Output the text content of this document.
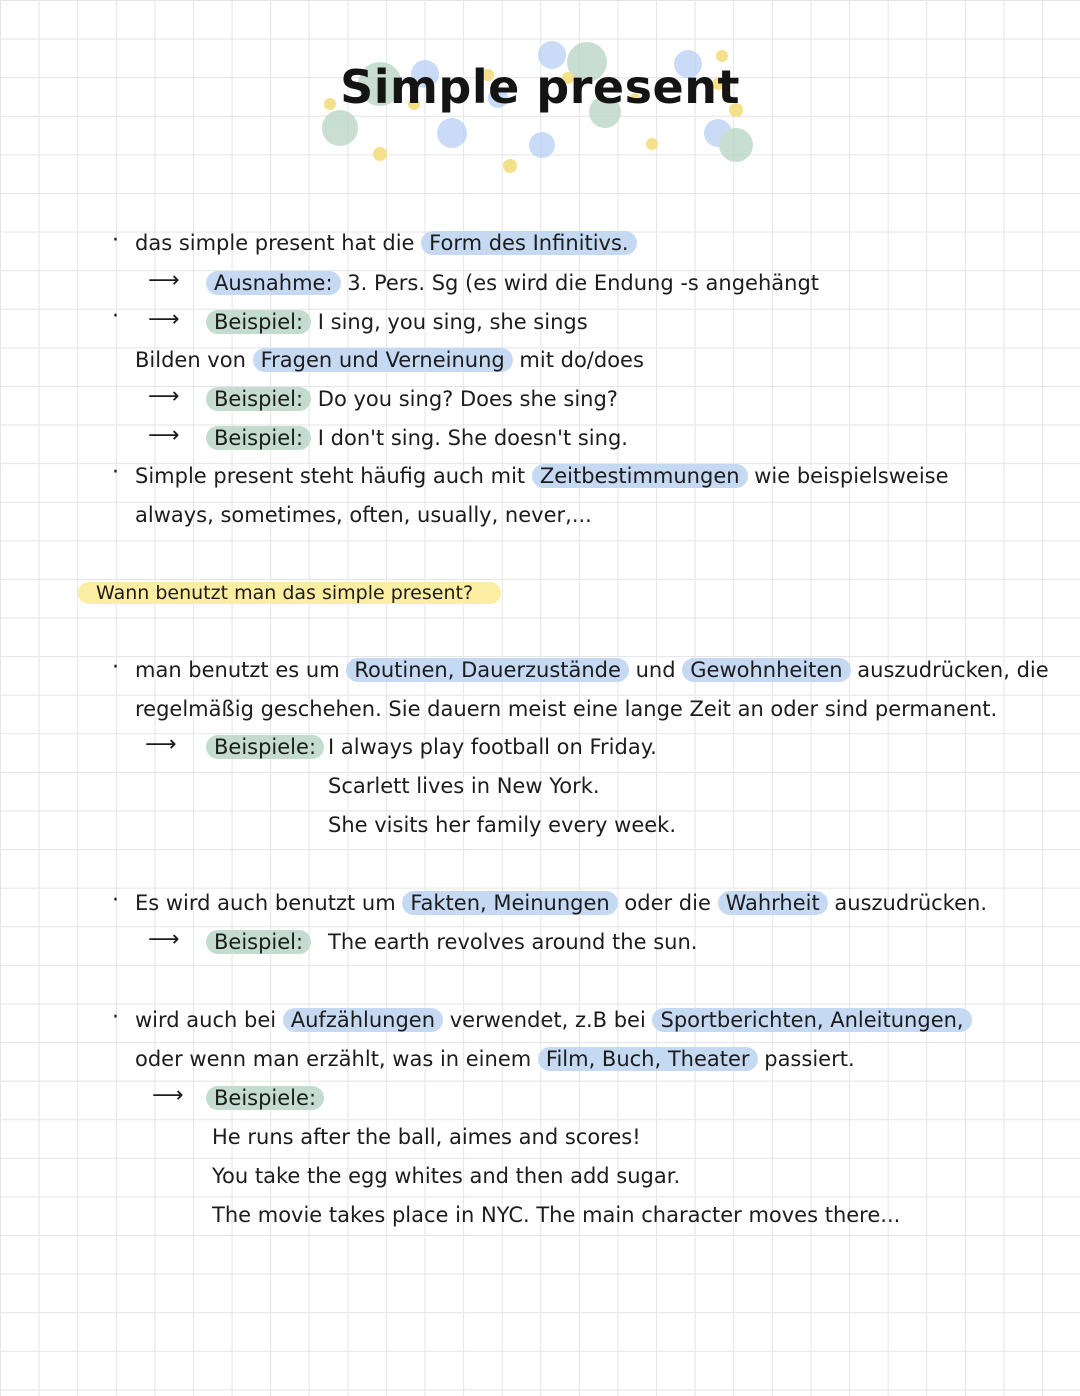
Simple present
· das simple present hat die Form des Infinitivs.
⟶	Ausnahme: 3. Pers. Sg (es wird die Endung -s angehängt
· ⟶	Beispiel: I sing, you sing, she sings
Bilden von Fragen und Verneinung mit do/does
⟶	Beispiel: Do you sing? Does she sing?
⟶	Beispiel: I don't sing. She doesn't sing.
· Simple present steht häufig auch mit Zeitbestimmungen wie beispielsweise
always, sometimes, often, usually, never,...
Wann benutzt man das simple present?
· man benutzt es um Routinen, Dauerzustände und Gewohnheiten auszudrücken, die
regelmäßig geschehen. Sie dauern meist eine lange Zeit an oder sind permanent.
⟶	Beispiele: I always play football on Friday.
Scarlett lives in New York.
She visits her family every week.
· Es wird auch benutzt um Fakten, Meinungen oder die Wahrheit auszudrücken.
⟶	Beispiel:	The earth revolves around the sun.
· wird auch bei Aufzählungen verwendet, z.B bei Sportberichten, Anleitungen,
oder wenn man erzählt, was in einem Film, Buch, Theater passiert.
⟶	Beispiele:
He runs after the ball, aimes and scores!
You take the egg whites and then add sugar.
The movie takes place in NYC. The main character moves there...
